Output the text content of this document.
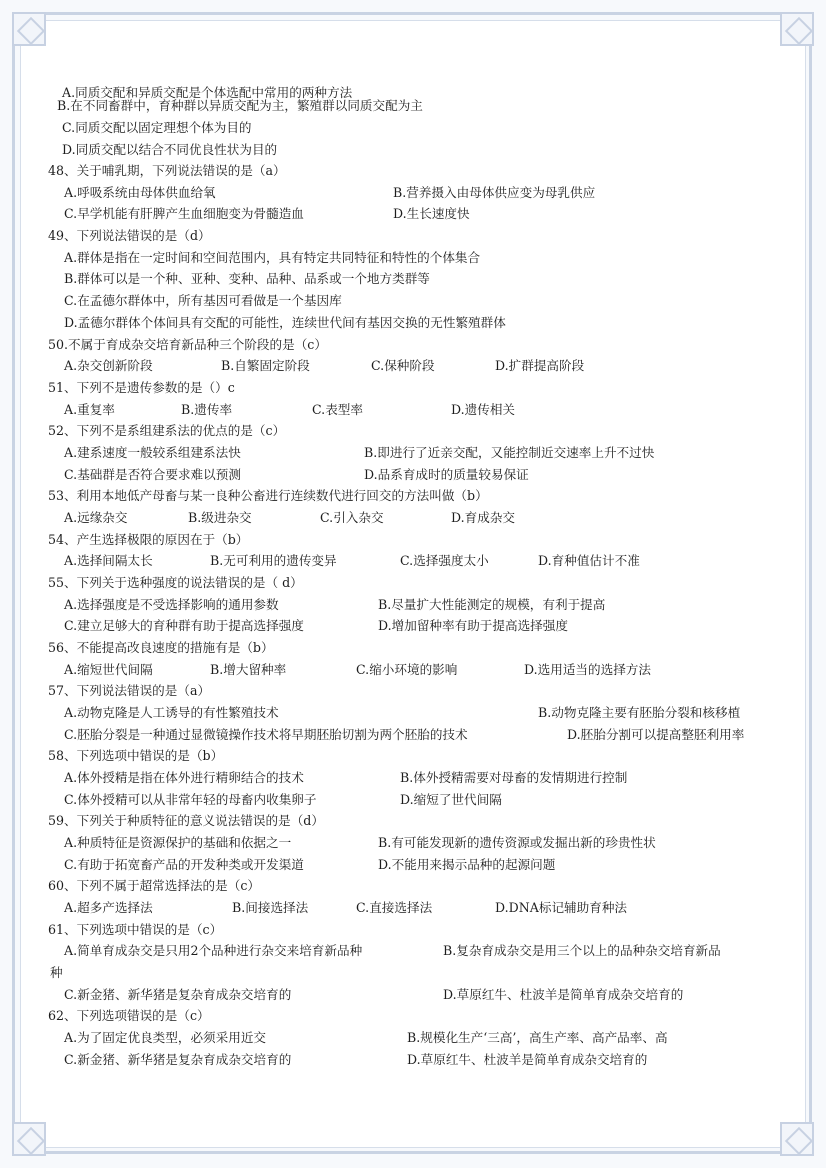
A.同质交配和异质交配是个体选配中常用的两种方法
B.在不同畜群中，育种群以异质交配为主，繁殖群以同质交配为主
C.同质交配以固定理想个体为目的
D.同质交配以结合不同优良性状为目的
48、关于哺乳期，下列说法错误的是（a）
A.呼吸系统由母体供血给氧	B.营养摄入由母体供应变为母乳供应
C.早学机能有肝脾产生血细胞变为骨髓造血	D.生长速度快
49、下列说法错误的是（d）
A.群体是指在一定时间和空间范围内，具有特定共同特征和特性的个体集合
B.群体可以是一个种、亚种、变种、品种、品系或一个地方类群等
C.在孟德尔群体中，所有基因可看做是一个基因库
D.孟德尔群体个体间具有交配的可能性，连续世代间有基因交换的无性繁殖群体
50.不属于育成杂交培育新品种三个阶段的是（c）
A.杂交创新阶段	B.自繁固定阶段	C.保种阶段	D.扩群提高阶段
51、下列不是遗传参数的是（）c
A.重复率	B.遗传率	C.表型率	D.遗传相关
52、下列不是系组建系法的优点的是（c）
A.建系速度一般较系组建系法快	B.即进行了近亲交配，又能控制近交速率上升不过快
C.基础群是否符合要求难以预测	D.品系育成时的质量较易保证
53、利用本地低产母畜与某一良种公畜进行连续数代进行回交的方法叫做（b）
A.远缘杂交	B.级进杂交	C.引入杂交	D.育成杂交
54、产生选择极限的原因在于（b）
A.选择间隔太长	B.无可利用的遗传变异	C.选择强度太小	D.育种值估计不准
55、下列关于选种强度的说法错误的是（ d）
A.选择强度是不受选择影响的通用参数	B.尽量扩大性能测定的规模，有利于提高
C.建立足够大的育种群有助于提高选择强度	D.增加留种率有助于提高选择强度
56、不能提高改良速度的措施有是（b）
A.缩短世代间隔	B.增大留种率	C.缩小环境的影响	D.选用适当的选择方法
57、下列说法错误的是（a）
A.动物克隆是人工诱导的有性繁殖技术	B.动物克隆主要有胚胎分裂和核移植
C.胚胎分裂是一种通过显微镜操作技术将早期胚胎切割为两个胚胎的技术	D.胚胎分割可以提高整胚利用率
58、下列选项中错误的是（b）
A.体外授精是指在体外进行精卵结合的技术	B.体外授精需要对母畜的发情期进行控制
C.体外授精可以从非常年轻的母畜内收集卵子	D.缩短了世代间隔
59、下列关于种质特征的意义说法错误的是（d）
A.种质特征是资源保护的基础和依据之一	B.有可能发现新的遗传资源或发掘出新的珍贵性状
C.有助于拓宽畜产品的开发种类或开发渠道	D.不能用来揭示品种的起源问题
60、下列不属于超常选择法的是（c）
A.超多产选择法	B.间接选择法	C.直接选择法	D.DNA标记辅助育种法
61、下列选项中错误的是（c）
A.简单育成杂交是只用2个品种进行杂交来培育新品种	B.复杂育成杂交是用三个以上的品种杂交培育新品
种
C.新金猪、新华猪是复杂育成杂交培育的	D.草原红牛、杜波羊是简单育成杂交培育的
62、下列选项错误的是（c）
A.为了固定优良类型，必须采用近交	B.规模化生产‘三高’，高生产率、高产品率、高
C.新金猪、新华猪是复杂育成杂交培育的	D.草原红牛、杜波羊是简单育成杂交培育的
